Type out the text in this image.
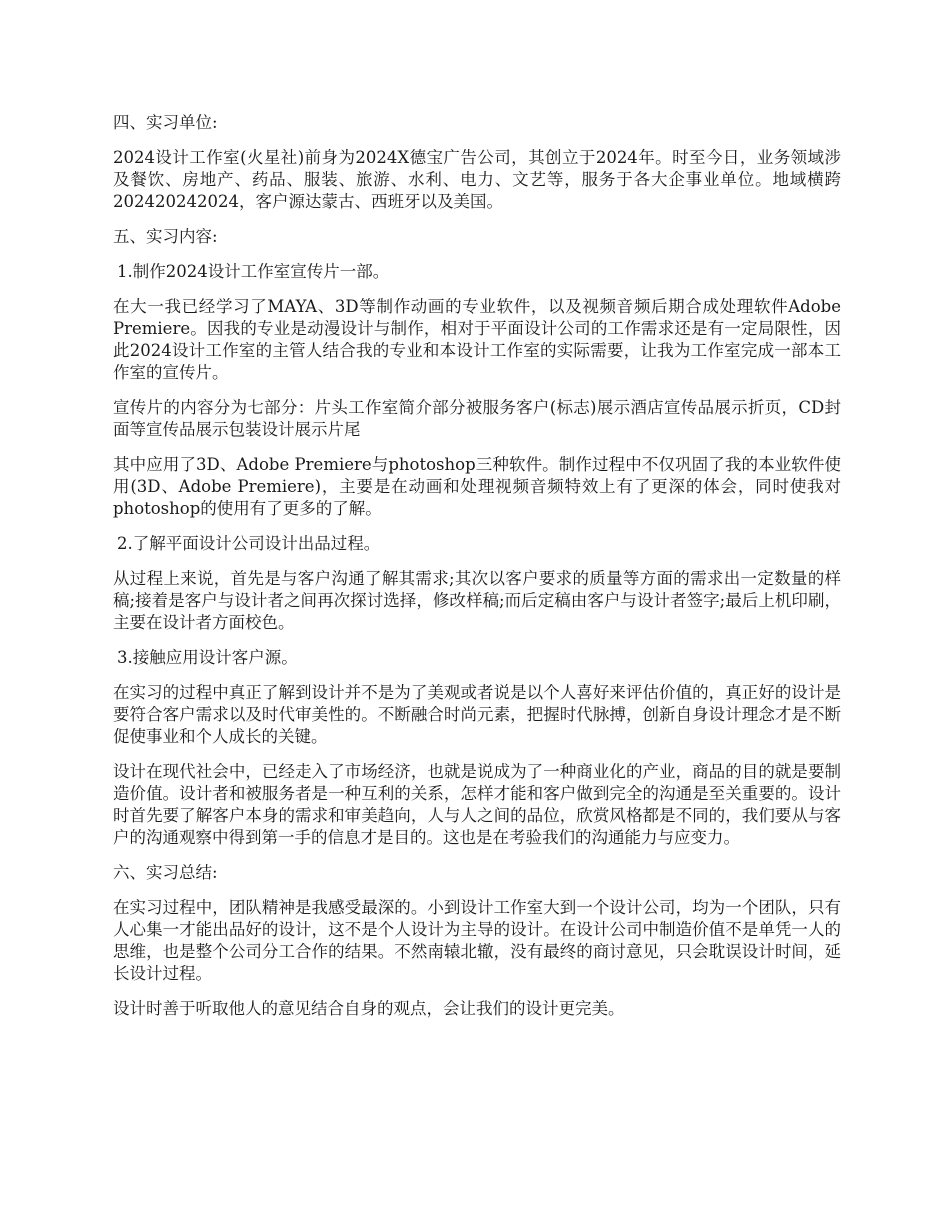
四、实习单位:

2024设计工作室(火星社)前身为2024X德宝广告公司，其创立于2024年。时至今日，业务领域涉及餐饮、房地产、药品、服装、旅游、水利、电力、文艺等，服务于各大企事业单位。地域横跨202420242024，客户源达蒙古、西班牙以及美国。

五、实习内容:

1.制作2024设计工作室宣传片一部。

在大一我已经学习了MAYA、3D等制作动画的专业软件，以及视频音频后期合成处理软件Adobe Premiere。因我的专业是动漫设计与制作，相对于平面设计公司的工作需求还是有一定局限性，因此2024设计工作室的主管人结合我的专业和本设计工作室的实际需要，让我为工作室完成一部本工作室的宣传片。

宣传片的内容分为七部分：片头工作室简介部分被服务客户(标志)展示酒店宣传品展示折页，CD封面等宣传品展示包装设计展示片尾

其中应用了3D、Adobe Premiere与photoshop三种软件。制作过程中不仅巩固了我的本业软件使用(3D、Adobe Premiere)，主要是在动画和处理视频音频特效上有了更深的体会，同时使我对photoshop的使用有了更多的了解。

2.了解平面设计公司设计出品过程。

从过程上来说，首先是与客户沟通了解其需求;其次以客户要求的质量等方面的需求出一定数量的样稿;接着是客户与设计者之间再次探讨选择，修改样稿;而后定稿由客户与设计者签字;最后上机印刷，主要在设计者方面校色。

3.接触应用设计客户源。

在实习的过程中真正了解到设计并不是为了美观或者说是以个人喜好来评估价值的，真正好的设计是要符合客户需求以及时代审美性的。不断融合时尚元素，把握时代脉搏，创新自身设计理念才是不断促使事业和个人成长的关键。

设计在现代社会中，已经走入了市场经济，也就是说成为了一种商业化的产业，商品的目的就是要制造价值。设计者和被服务者是一种互利的关系，怎样才能和客户做到完全的沟通是至关重要的。设计时首先要了解客户本身的需求和审美趋向，人与人之间的品位，欣赏风格都是不同的，我们要从与客户的沟通观察中得到第一手的信息才是目的。这也是在考验我们的沟通能力与应变力。

六、实习总结:

在实习过程中，团队精神是我感受最深的。小到设计工作室大到一个设计公司，均为一个团队，只有人心集一才能出品好的设计，这不是个人设计为主导的设计。在设计公司中制造价值不是单凭一人的思维，也是整个公司分工合作的结果。不然南辕北辙，没有最终的商讨意见，只会耽误设计时间，延长设计过程。

设计时善于听取他人的意见结合自身的观点，会让我们的设计更完美。
